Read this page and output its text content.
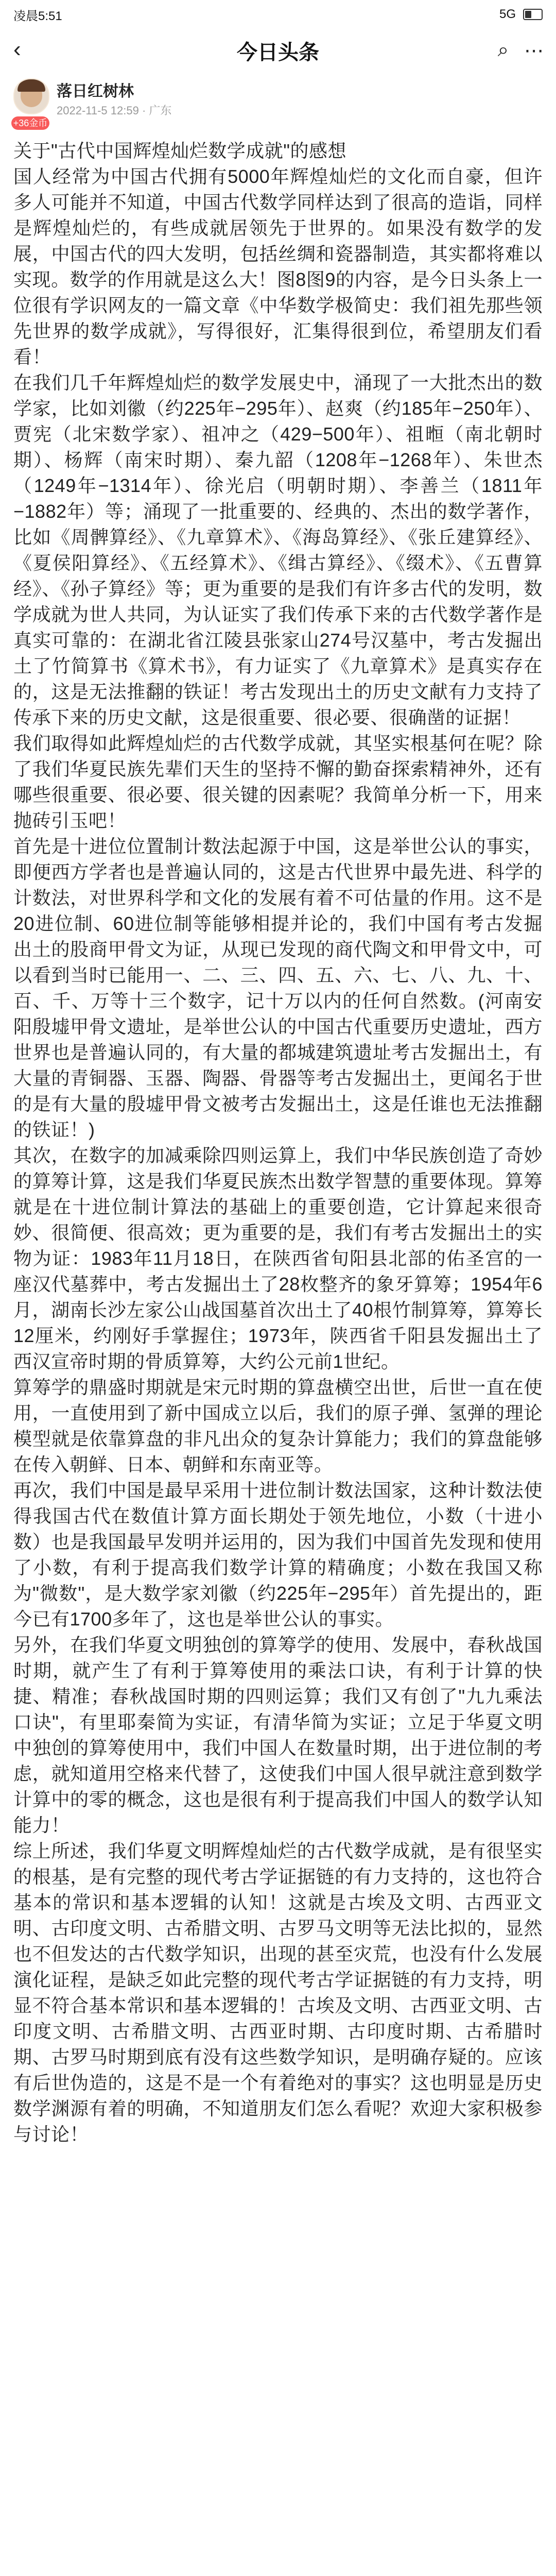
凌晨5:51	5G
‹	今日头条	⌕ ⋯
+36金币
落日红树林
2022-11-5 12:59 · 广东

关于"古代中国辉煌灿烂数学成就"的感想

国人经常为中国古代拥有5000年辉煌灿烂的文化而自豪，但许多人可能并不知道，中国古代数学同样达到了很高的造诣，同样是辉煌灿烂的，有些成就居领先于世界的。如果没有数学的发展，中国古代的四大发明，包括丝绸和瓷器制造，其实都将难以实现。数学的作用就是这么大！图8图9的内容，是今日头条上一位很有学识网友的一篇文章《中华数学极简史：我们祖先那些领先世界的数学成就》，写得很好，汇集得很到位，希望朋友们看看！

在我们几千年辉煌灿烂的数学发展史中，涌现了一大批杰出的数学家，比如刘徽（约225年−295年）、赵爽（约185年−250年）、贾宪（北宋数学家）、祖冲之（429−500年）、祖暅（南北朝时期）、杨辉（南宋时期）、秦九韶（1208年−1268年）、朱世杰（1249年−1314年）、徐光启（明朝时期）、李善兰（1811年−1882年）等；涌现了一批重要的、经典的、杰出的数学著作，比如《周髀算经》、《九章算术》、《海岛算经》、《张丘建算经》、《夏侯阳算经》、《五经算术》、《缉古算经》、《缀术》、《五曹算经》、《孙子算经》等；更为重要的是我们有许多古代的发明，数学成就为世人共同，为认证实了我们传承下来的古代数学著作是真实可靠的：在湖北省江陵县张家山274号汉墓中，考古发掘出土了竹简算书《算术书》，有力证实了《九章算术》是真实存在的，这是无法推翻的铁证！考古发现出土的历史文献有力支持了传承下来的历史文献，这是很重要、很必要、很确凿的证据！

我们取得如此辉煌灿烂的古代数学成就，其坚实根基何在呢？除了我们华夏民族先辈们天生的坚持不懈的勤奋探索精神外，还有哪些很重要、很必要、很关键的因素呢？我简单分析一下，用来抛砖引玉吧！

首先是十进位位置制计数法起源于中国，这是举世公认的事实，即便西方学者也是普遍认同的，这是古代世界中最先进、科学的计数法，对世界科学和文化的发展有着不可估量的作用。这不是20进位制、60进位制等能够相提并论的，我们中国有考古发掘出土的股商甲骨文为证，从现已发现的商代陶文和甲骨文中，可以看到当时已能用一、二、三、四、五、六、七、八、九、十、百、千、万等十三个数字，记十万以内的任何自然数。(河南安阳殷墟甲骨文遗址，是举世公认的中国古代重要历史遗址，西方世界也是普遍认同的，有大量的都城建筑遗址考古发掘出土，有大量的青铜器、玉器、陶器、骨器等考古发掘出土，更闻名于世的是有大量的殷墟甲骨文被考古发掘出土，这是任谁也无法推翻的铁证！)

其次，在数字的加减乘除四则运算上，我们中华民族创造了奇妙的算筹计算，这是我们华夏民族杰出数学智慧的重要体现。算筹就是在十进位制计算法的基础上的重要创造，它计算起来很奇妙、很简便、很高效；更为重要的是，我们有考古发掘出土的实物为证：1983年11月18日，在陕西省旬阳县北部的佑圣宫的一座汉代墓葬中，考古发掘出土了28枚整齐的象牙算筹；1954年6月，湖南长沙左家公山战国墓首次出土了40根竹制算筹，算筹长12厘米，约刚好手掌握住；1973年，陕西省千阳县发掘出土了西汉宣帝时期的骨质算筹，大约公元前1世纪。

算筹学的鼎盛时期就是宋元时期的算盘横空出世，后世一直在使用，一直使用到了新中国成立以后，我们的原子弹、氢弹的理论模型就是依靠算盘的非凡出众的复杂计算能力；我们的算盘能够在传入朝鲜、日本、朝鲜和东南亚等。

再次，我们中国是最早采用十进位制计数法国家，这种计数法使得我国古代在数值计算方面长期处于领先地位，小数（十进小数）也是我国最早发明并运用的，因为我们中国首先发现和使用了小数，有利于提高我们数学计算的精确度；小数在我国又称为"微数"，是大数学家刘徽（约225年−295年）首先提出的，距今已有1700多年了，这也是举世公认的事实。

另外，在我们华夏文明独创的算筹学的使用、发展中，春秋战国时期，就产生了有利于算筹使用的乘法口诀，有利于计算的快捷、精准；春秋战国时期的四则运算；我们又有创了"九九乘法口诀"，有里耶秦简为实证，有清华简为实证；立足于华夏文明中独创的算筹使用中，我们中国人在数量时期，出于进位制的考虑，就知道用空格来代替了，这使我们中国人很早就注意到数学计算中的零的概念，这也是很有利于提高我们中国人的数学认知能力！

综上所述，我们华夏文明辉煌灿烂的古代数学成就，是有很坚实的根基，是有完整的现代考古学证据链的有力支持的，这也符合基本的常识和基本逻辑的认知！这就是古埃及文明、古西亚文明、古印度文明、古希腊文明、古罗马文明等无法比拟的，显然也不但发达的古代数学知识，出现的甚至灾荒，也没有什么发展演化证程，是缺乏如此完整的现代考古学证据链的有力支持，明显不符合基本常识和基本逻辑的！古埃及文明、古西亚文明、古印度文明、古希腊文明、古西亚时期、古印度时期、古希腊时期、古罗马时期到底有没有这些数学知识，是明确存疑的。应该有后世伪造的，这是不是一个有着绝对的事实？这也明显是历史数学渊源有着的明确，不知道朋友们怎么看呢？欢迎大家积极参与讨论！
